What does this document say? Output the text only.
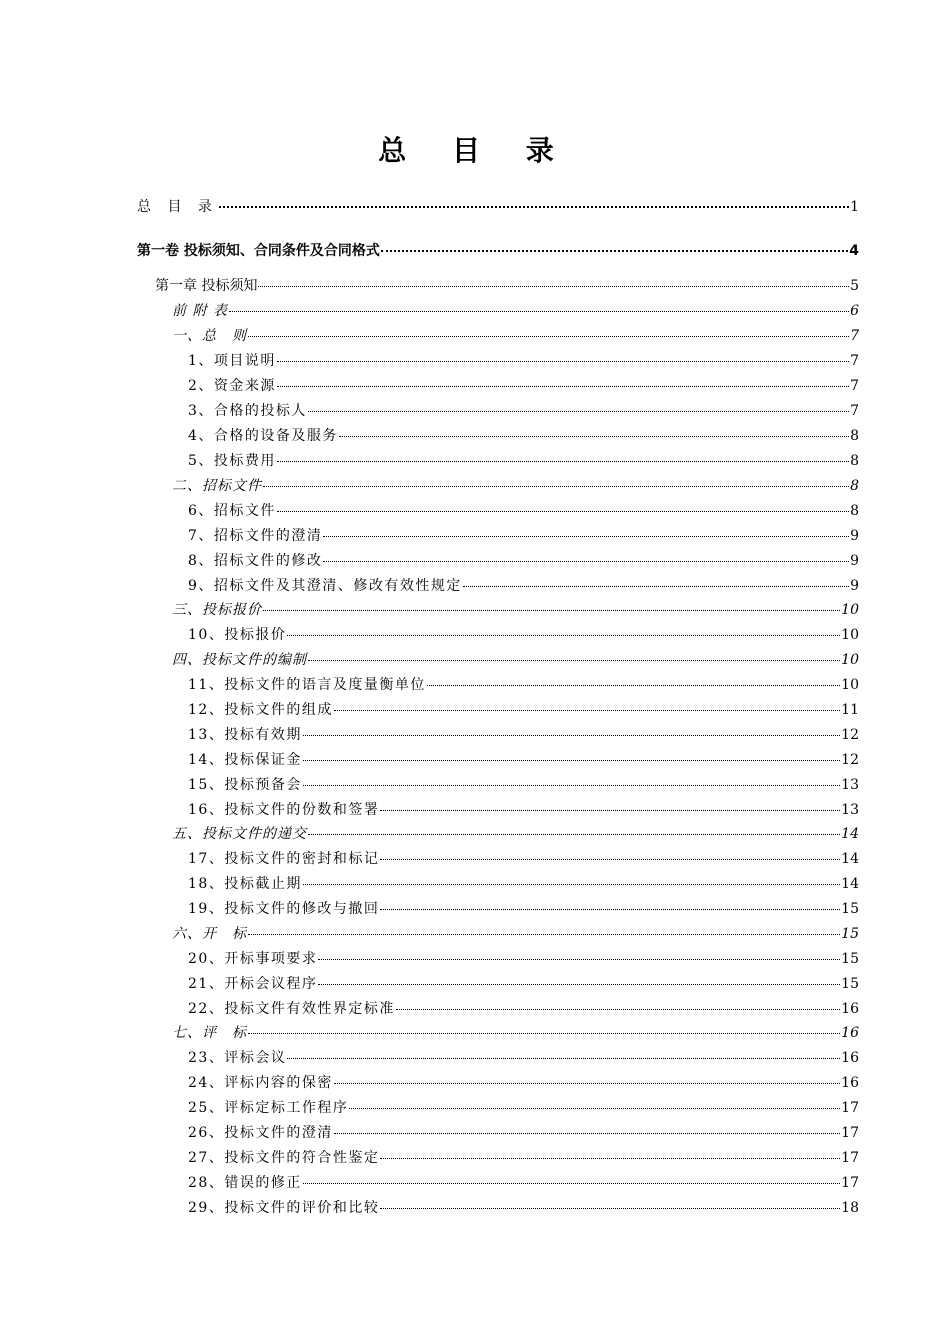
总 目 录
总 目 录	1
第一卷 投标须知、合同条件及合同格式	4
第一章 投标须知	5
前 附 表	6
一、总　则	7
1、项目说明	7
2、资金来源	7
3、合格的投标人	7
4、合格的设备及服务	8
5、投标费用	8
二、招标文件	8
6、招标文件	8
7、招标文件的澄清	9
8、招标文件的修改	9
9、招标文件及其澄清、修改有效性规定	9
三、投标报价	10
10、投标报价	10
四、投标文件的编制	10
11、投标文件的语言及度量衡单位	10
12、投标文件的组成	11
13、投标有效期	12
14、投标保证金	12
15、投标预备会	13
16、投标文件的份数和签署	13
五、投标文件的递交	14
17、投标文件的密封和标记	14
18、投标截止期	14
19、投标文件的修改与撤回	15
六、开　标	15
20、开标事项要求	15
21、开标会议程序	15
22、投标文件有效性界定标准	16
七、评　标	16
23、评标会议	16
24、评标内容的保密	16
25、评标定标工作程序	17
26、投标文件的澄清	17
27、投标文件的符合性鉴定	17
28、错误的修正	17
29、投标文件的评价和比较	18
